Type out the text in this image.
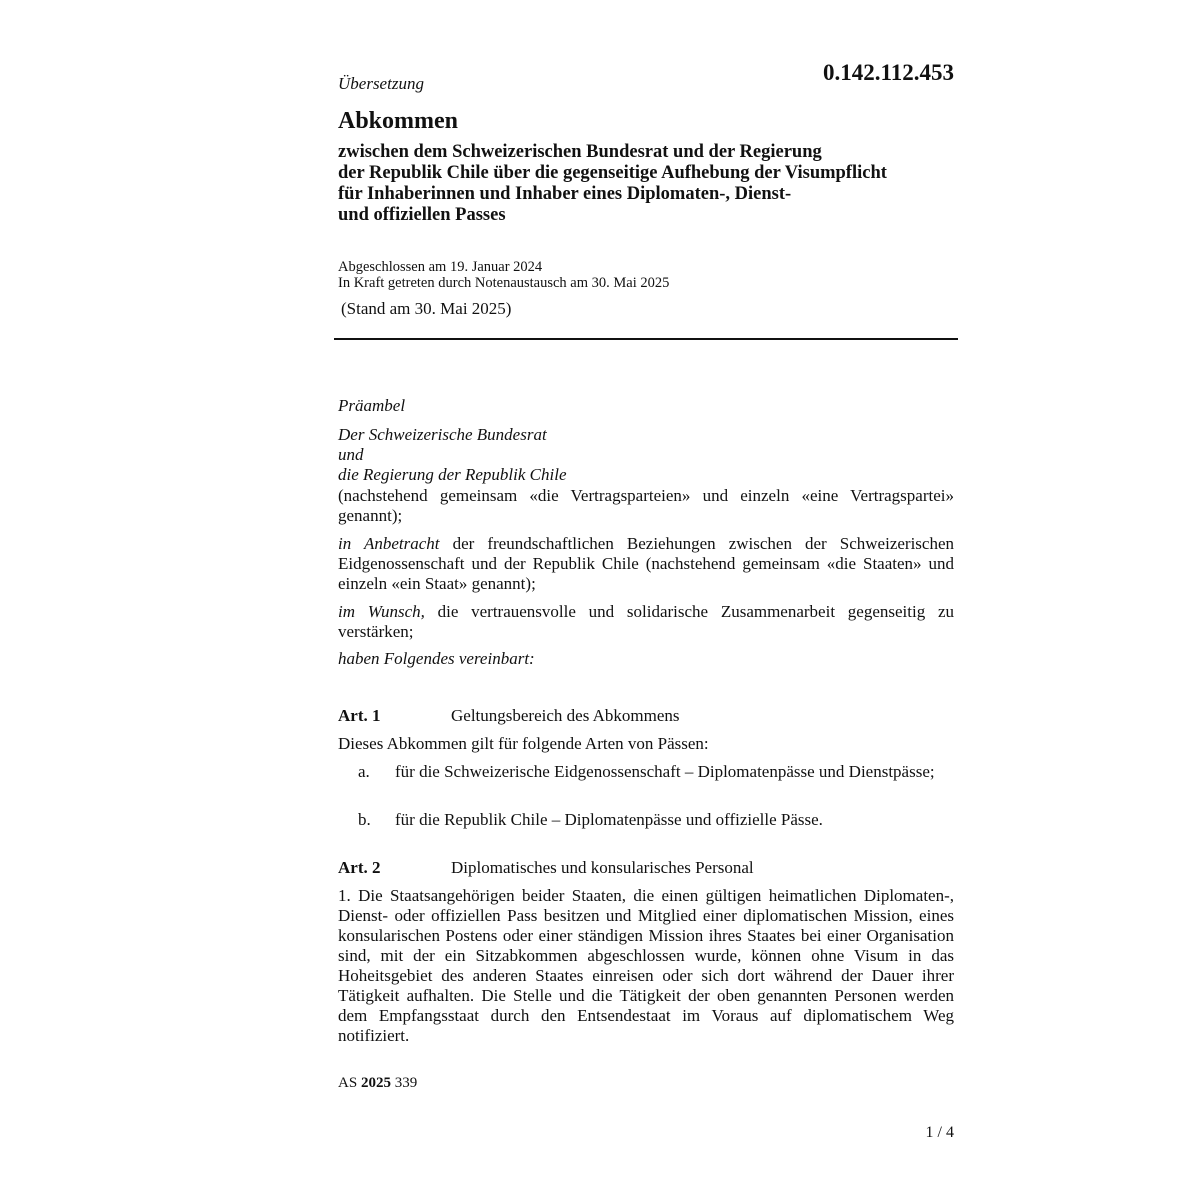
Übersetzung	0.142.112.453
Abkommen
zwischen dem Schweizerischen Bundesrat und der Regierung
der Republik Chile über die gegenseitige Aufhebung der Visumpflicht
für Inhaberinnen und Inhaber eines Diplomaten-, Dienst-
und offiziellen Passes
Abgeschlossen am 19. Januar 2024
In Kraft getreten durch Notenaustausch am 30. Mai 2025
(Stand am 30. Mai 2025)
Präambel
Der Schweizerische Bundesrat
und
die Regierung der Republik Chile
(nachstehend gemeinsam «die Vertragsparteien» und einzeln «eine Vertragspartei» genannt);
in Anbetracht der freundschaftlichen Beziehungen zwischen der Schweizerischen Eidgenossenschaft und der Republik Chile (nachstehend gemeinsam «die Staaten» und einzeln «ein Staat» genannt);
im Wunsch, die vertrauensvolle und solidarische Zusammenarbeit gegenseitig zu verstärken;
haben Folgendes vereinbart:
Art. 1	Geltungsbereich des Abkommens
Dieses Abkommen gilt für folgende Arten von Pässen:
a. für die Schweizerische Eidgenossenschaft – Diplomatenpässe und Dienstpässe;
b. für die Republik Chile – Diplomatenpässe und offizielle Pässe.
Art. 2	Diplomatisches und konsularisches Personal
1. Die Staatsangehörigen beider Staaten, die einen gültigen heimatlichen Diplomaten-, Dienst- oder offiziellen Pass besitzen und Mitglied einer diplomatischen Mission, eines konsularischen Postens oder einer ständigen Mission ihres Staates bei einer Organisation sind, mit der ein Sitzabkommen abgeschlossen wurde, können ohne Visum in das Hoheitsgebiet des anderen Staates einreisen oder sich dort während der Dauer ihrer Tätigkeit aufhalten. Die Stelle und die Tätigkeit der oben genannten Personen werden dem Empfangsstaat durch den Entsendestaat im Voraus auf diplomatischem Weg notifiziert.
AS 2025 339
1 / 4
